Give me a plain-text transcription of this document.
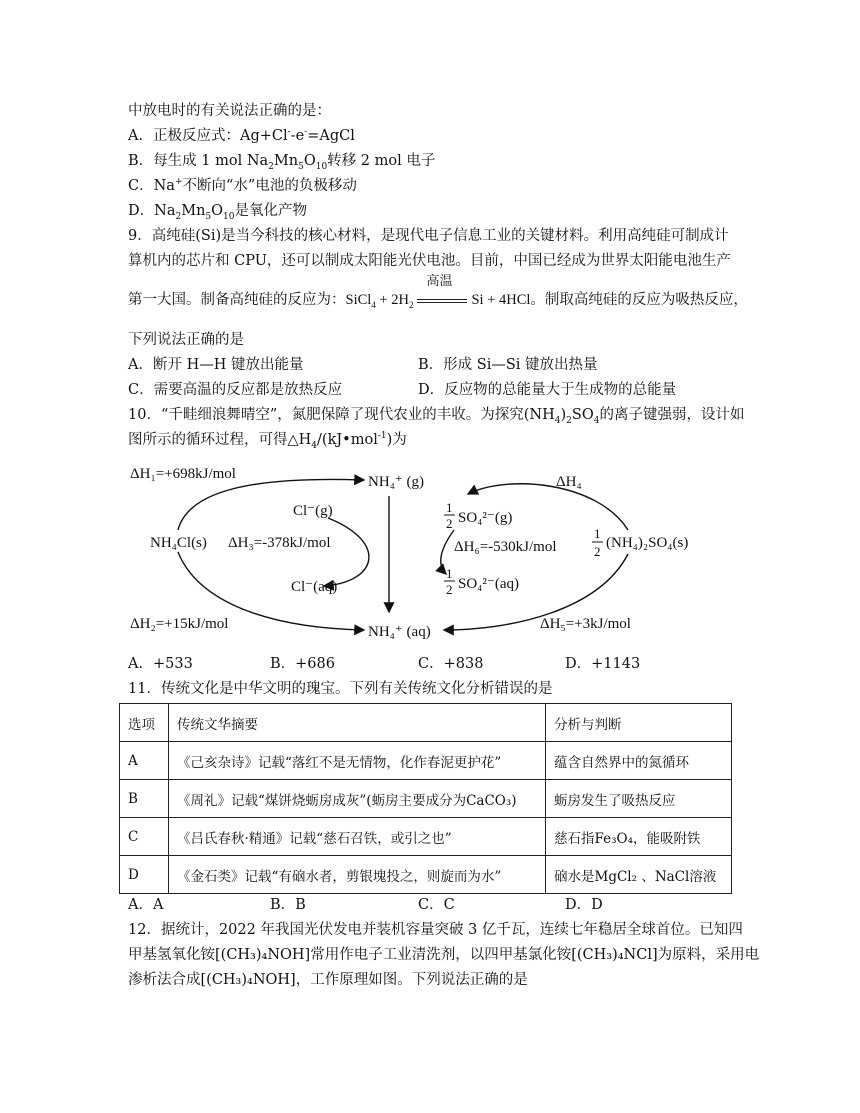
中放电时的有关说法正确的是：
A．正极反应式：Ag+Cl--e-=AgCl
B．每生成 1 mol $Na_2Mn_5O_{10}$转移 2 mol 电子
C．Na+不断向“水”电池的负极移动
D．$Na_2Mn_5O_{10}$是氧化产物
9．高纯硅(Si)是当今科技的核心材料，是现代电子信息工业的关键材料。利用高纯硅可制成计
算机内的芯片和 CPU，还可以制成太阳能光伏电池。目前，中国已经成为世界太阳能电池生产
第一大国。制备高纯硅的反应为：SiCl$_4$ + $2H_2$
高温
Si + 4HCl。制取高纯硅的反应为吸热反应，
下列说法正确的是
A．断开 H—H 键放出能量	B．形成 Si—Si 键放出热量
C．需要高温的反应都是放热反应	D．反应物的总能量大于生成物的总能量
10．“千畦细浪舞晴空”，氮肥保障了现代农业的丰收。为探究$(NH_4)_2SO_4$的离子键强弱，设计如
图所示的循环过程，可得$\triangle H_4/(kJ•mol^{-1})$为
ΔH₁=+698kJ/mol	NH₄⁺ (g)	ΔH₄
Cl⁻(g)	1
2 SO₄²⁻(g)
NH₄Cl(s) ΔH₃=-378kJ/mol	ΔH₆=-530kJ/mol
1
2
(NH₄)₂SO₄(s)
Cl⁻(aq)
1
2 SO₄²⁻(aq)
ΔH₂=+15kJ/mol	NH₄⁺ (aq)	ΔH₅=+3kJ/mol
A．+533	B．+686	C．+838	D．+1143
11．传统文化是中华文明的瑰宝。下列有关传统文化分析错误的是
选项	传统文华摘要	分析与判断
A	《己亥杂诗》记载“落红不是无情物，化作春泥更护花”	蕴含自然界中的氮循环
B	《周礼》记载“煤饼烧蛎房成灰”(蛎房主要成分为CaCO₃)	蛎房发生了吸热反应
C	《吕氏春秋·精通》记载“慈石召铁，或引之也”	慈石指Fe₃O₄，能吸附铁
D	《金石类》记载“有硇水者，剪银塊投之，则旋而为水”	硇水是MgCl₂ 、NaCl溶液
A．A	B．B	C．C	D．D
12．据统计，2022 年我国光伏发电并装机容量突破 3 亿千瓦，连续七年稳居全球首位。已知四
甲基氢氧化铵[(CH₃)₄NOH]常用作电子工业清洗剂，以四甲基氯化铵[(CH₃)₄NCl]为原料，采用电
渗析法合成[(CH₃)₄NOH]，工作原理如图。下列说法正确的是
